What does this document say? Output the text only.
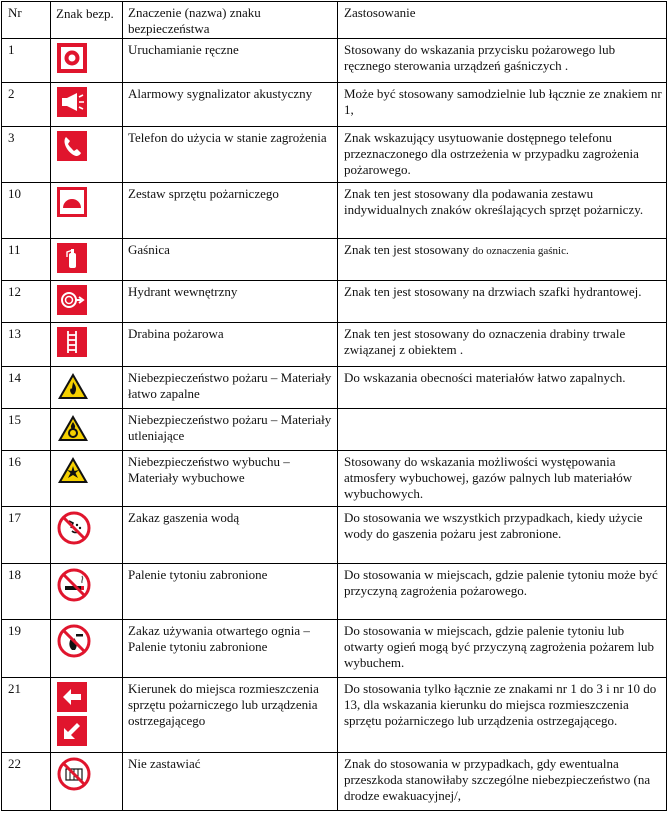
Nr	Znak bezp.	Znaczenie (nazwa) znaku bezpieczeństwa	Zastosowanie
1		Uruchamianie ręczne	Stosowany do wskazania przycisku pożarowego lub ręcznego sterowania urządzeń gaśniczych .
2		Alarmowy sygnalizator akustyczny	Może być stosowany samodzielnie lub łącznie ze znakiem nr 1,
3		Telefon do użycia w stanie zagrożenia	Znak wskazujący usytuowanie dostępnego telefonu przeznaczonego dla ostrzeżenia w przypadku zagrożenia pożarowego.
10		Zestaw sprzętu pożarniczego	Znak ten jest stosowany dla podawania zestawu indywidualnych znaków określających sprzęt pożarniczy.
11		Gaśnica	Znak ten jest stosowany do oznaczenia gaśnic.
12		Hydrant wewnętrzny	Znak ten jest stosowany na drzwiach szafki hydrantowej.
13		Drabina pożarowa	Znak ten jest stosowany do oznaczenia drabiny trwale związanej z obiektem .
14		Niebezpieczeństwo pożaru – Materiały łatwo zapalne	Do wskazania obecności materiałów łatwo zapalnych.
15		Niebezpieczeństwo pożaru – Materiały utleniające	
16		Niebezpieczeństwo wybuchu – Materiały wybuchowe	Stosowany do wskazania możliwości występowania atmosfery wybuchowej, gazów palnych lub materiałów wybuchowych.
17		Zakaz gaszenia wodą	Do stosowania we wszystkich przypadkach, kiedy użycie wody do gaszenia pożaru jest zabronione.
18		Palenie tytoniu zabronione	Do stosowania w miejscach, gdzie palenie tytoniu może być przyczyną zagrożenia pożarowego.
19		Zakaz używania otwartego ognia – Palenie tytoniu zabronione	Do stosowania w miejscach, gdzie palenie tytoniu lub otwarty ogień mogą być przyczyną zagrożenia pożarem lub wybuchem.
21		Kierunek do miejsca rozmieszczenia sprzętu pożarniczego lub urządzenia ostrzegającego	Do stosowania tylko łącznie ze znakami nr 1 do 3 i nr 10 do 13, dla wskazania kierunku do miejsca rozmieszczenia sprzętu pożarniczego lub urządzenia ostrzegającego.
22		Nie zastawiać	Znak do stosowania w przypadkach, gdy ewentualna przeszkoda stanowiłaby szczególne niebezpieczeństwo (na drodze ewakuacyjnej/,
